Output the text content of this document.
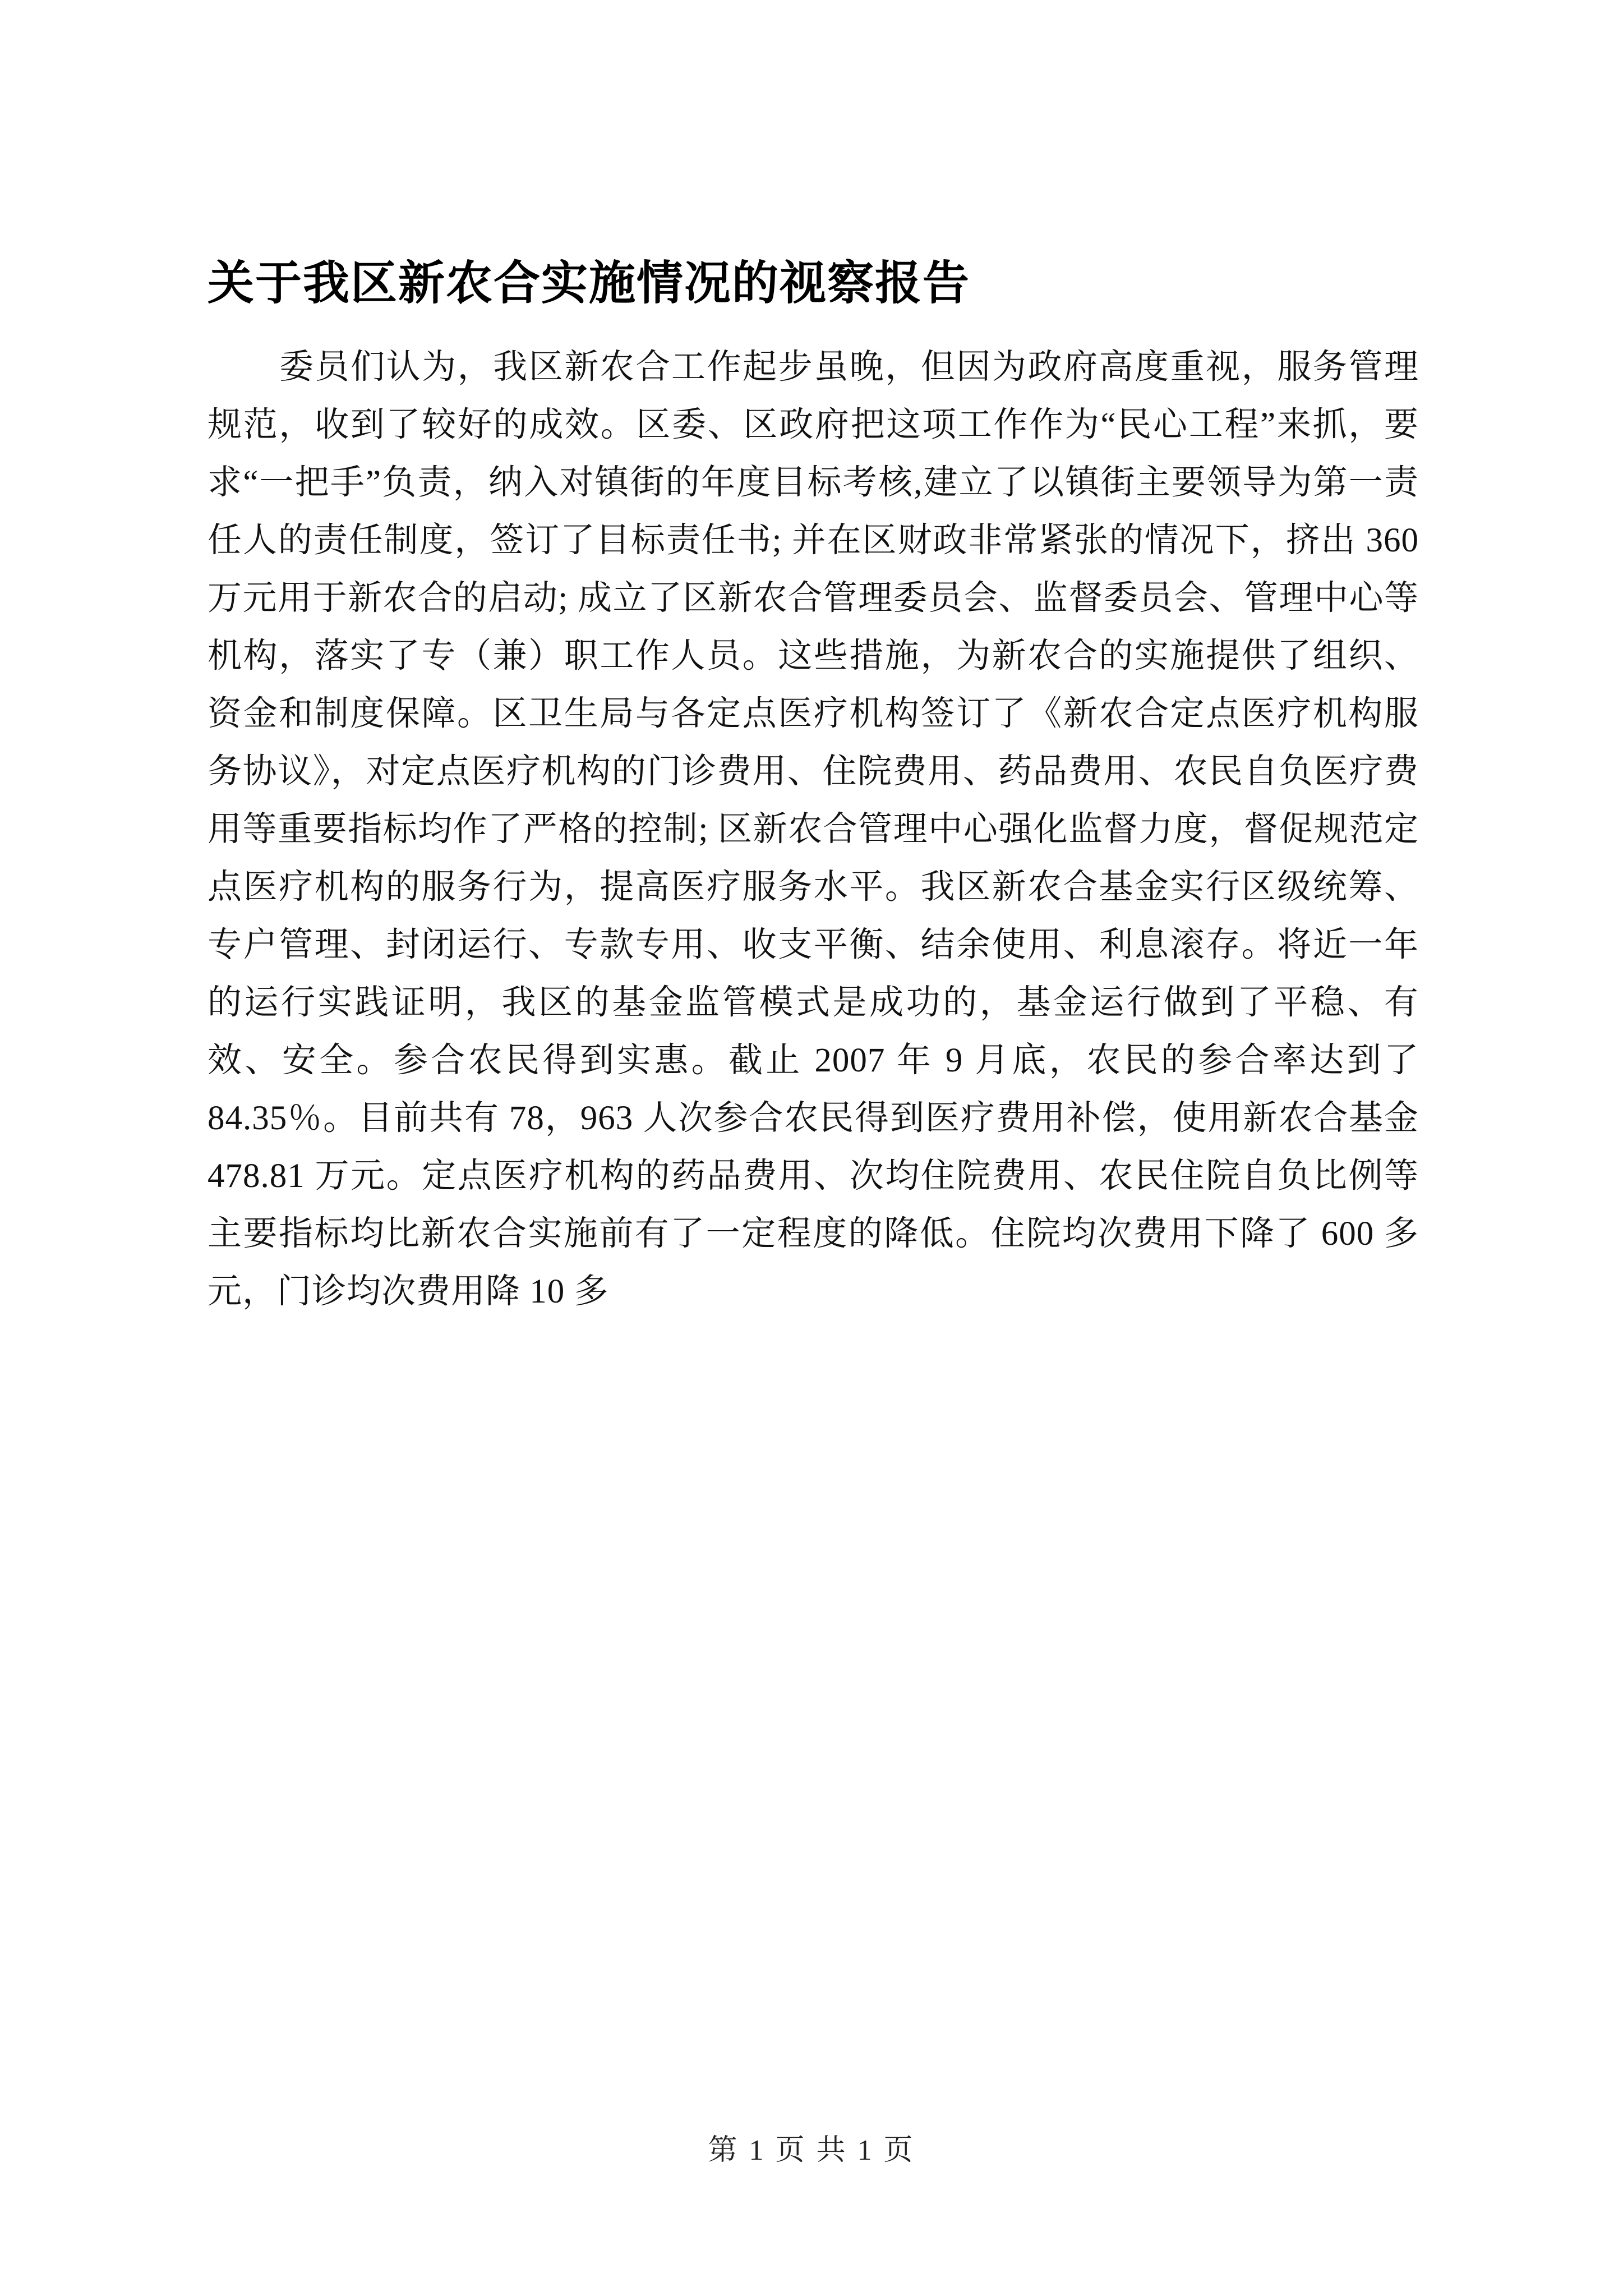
关于我区新农合实施情况的视察报告

委员们认为，我区新农合工作起步虽晚，但因为政府高度重视，服务管理规范，收到了较好的成效。区委、区政府把这项工作作为“民心工程”来抓，要求“一把手”负责，纳入对镇街的年度目标考核,建立了以镇街主要领导为第一责任人的责任制度，签订了目标责任书; 并在区财政非常紧张的情况下，挤出 360 万元用于新农合的启动; 成立了区新农合管理委员会、监督委员会、管理中心等机构，落实了专（兼）职工作人员。这些措施，为新农合的实施提供了组织、资金和制度保障。区卫生局与各定点医疗机构签订了《新农合定点医疗机构服务协议》，对定点医疗机构的门诊费用、住院费用、药品费用、农民自负医疗费用等重要指标均作了严格的控制; 区新农合管理中心强化监督力度，督促规范定点医疗机构的服务行为，提高医疗服务水平。我区新农合基金实行区级统筹、专户管理、封闭运行、专款专用、收支平衡、结余使用、利息滚存。将近一年的运行实践证明，我区的基金监管模式是成功的，基金运行做到了平稳、有效、安全。参合农民得到实惠。截止 2007 年 9 月底，农民的参合率达到了 84.35％。目前共有 78，963 人次参合农民得到医疗费用补偿，使用新农合基金 478.81 万元。定点医疗机构的药品费用、次均住院费用、农民住院自负比例等主要指标均比新农合实施前有了一定程度的降低。住院均次费用下降了 600 多元，门诊均次费用降 10 多

第 1 页 共 1 页
